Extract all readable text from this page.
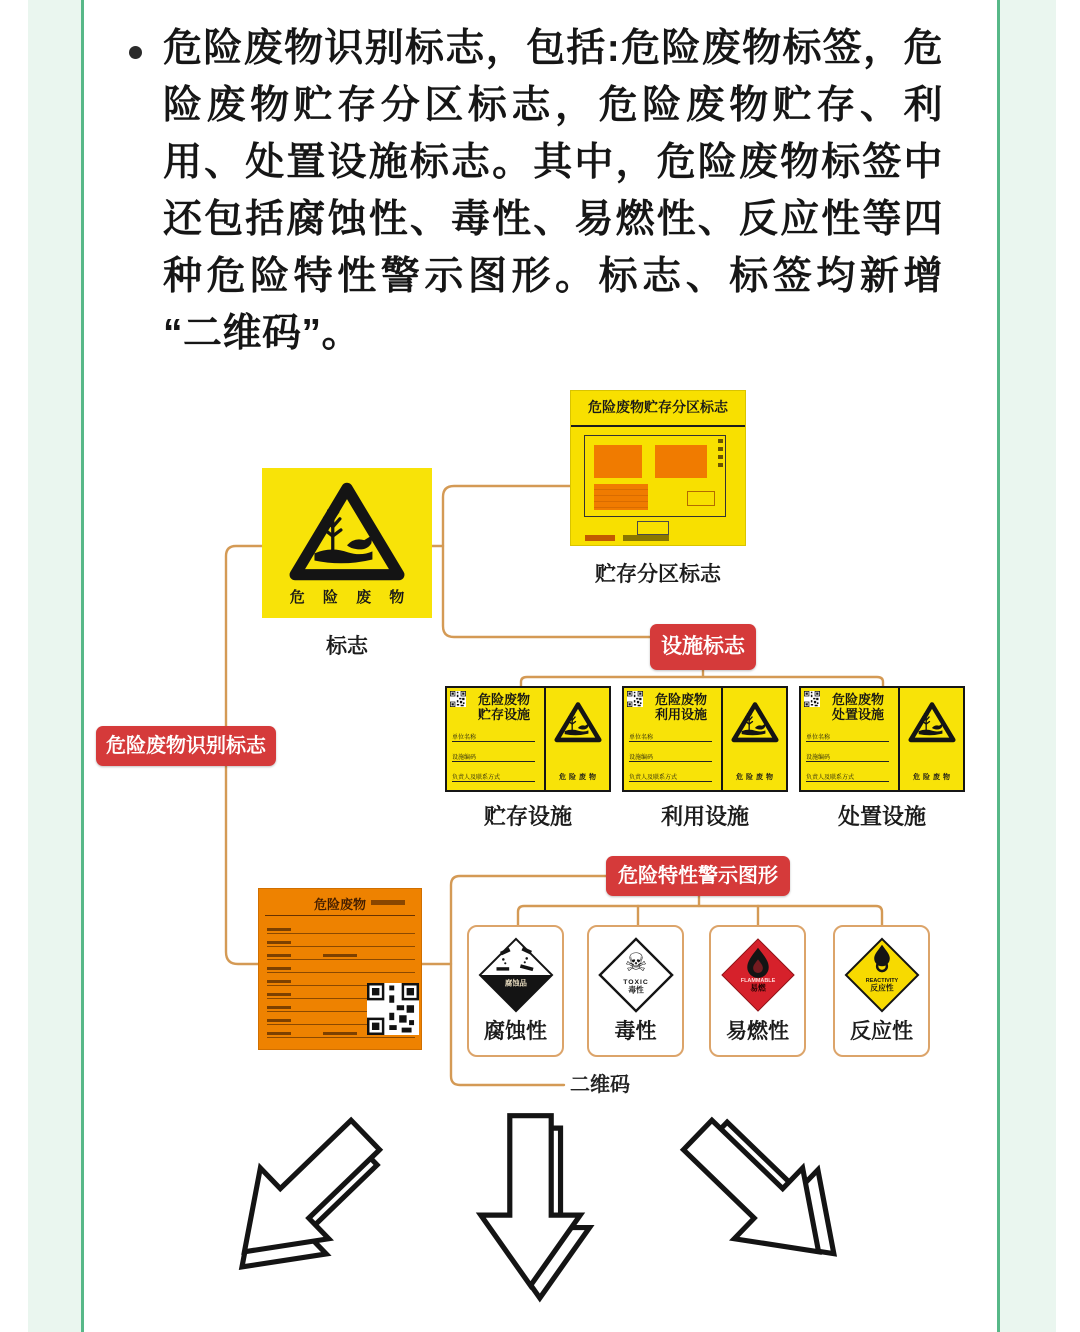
危险废物识别标志，包括:危险废物标签，危
险废物贮存分区标志，危险废物贮存、利
用、处置设施标志。其中，危险废物标签中
还包括腐蚀性、毒性、易燃性、反应性等四
种危险特性警示图形。标志、标签均新增
“二维码”。
危险废物贮存分区标志
贮存分区标志
危 险 废 物
标志
危险废物识别标志
设施标志
危险废物
贮存设施
单位名称
设施编码
负责人及联系方式	危险废物
危险废物
利用设施
单位名称
设施编码
负责人及联系方式	危险废物
危险废物
处置设施
单位名称
设施编码
负责人及联系方式	危险废物
贮存设施	利用设施	处置设施
危险特性警示图形
危险废物
二维码
腐蚀品
腐蚀性
☠
TOXIC
毒性
毒性
FLAMMABLE
易燃
易燃性
REACTIVITY
反应性
反应性
